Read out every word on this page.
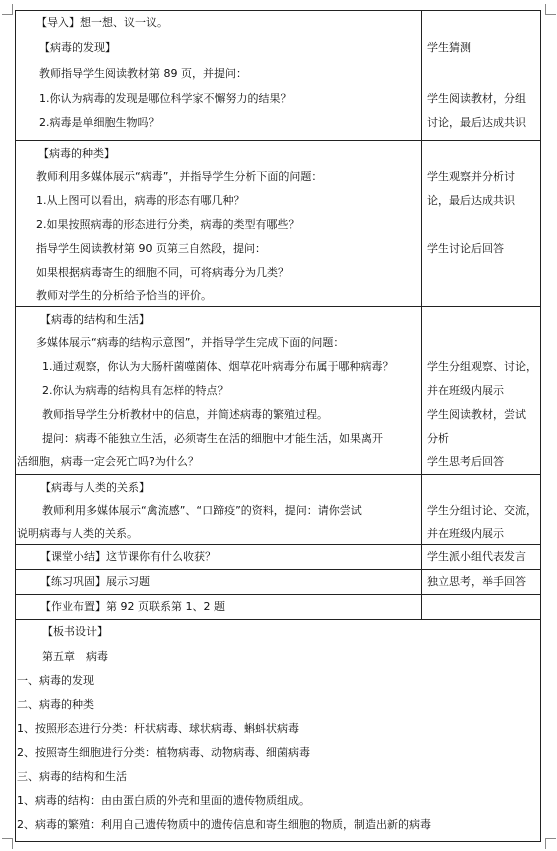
【导入】想一想、议一议。
【病毒的发现】
教师指导学生阅读教材第 89 页，并提问：
1.你认为病毒的发现是哪位科学家不懈努力的结果？
2.病毒是单细胞生物吗？
学生猜测
学生阅读教材，分组
讨论，最后达成共识
【病毒的种类】
教师利用多媒体展示“病毒”，并指导学生分析下面的问题：
1.从上图可以看出，病毒的形态有哪几种？
2.如果按照病毒的形态进行分类，病毒的类型有哪些？
指导学生阅读教材第 90 页第三自然段，提问：
如果根据病毒寄生的细胞不同，可将病毒分为几类？
教师对学生的分析给予恰当的评价。
学生观察并分析讨
论，最后达成共识
学生讨论后回答
【病毒的结构和生活】
多媒体展示“病毒的结构示意图”，并指导学生完成下面的问题：
1.通过观察，你认为大肠杆菌噬菌体、烟草花叶病毒分布属于哪种病毒？
2.你认为病毒的结构具有怎样的特点？
教师指导学生分析教材中的信息，并简述病毒的繁殖过程。
提问：病毒不能独立生活，必须寄生在活的细胞中才能生活，如果离开
活细胞，病毒一定会死亡吗?为什么？
学生分组观察、讨论，
并在班级内展示
学生阅读教材，尝试
分析
学生思考后回答
【病毒与人类的关系】
教师利用多媒体展示“禽流感”、“口蹄疫”的资料，提问：请你尝试
说明病毒与人类的关系。
学生分组讨论、交流，
并在班级内展示
【课堂小结】这节课你有什么收获？	学生派小组代表发言
【练习巩固】展示习题	独立思考，举手回答
【作业布置】第 92 页联系第 1、2 题
【板书设计】
第五章　病毒
一、病毒的发现
二、病毒的种类
1、按照形态进行分类：杆状病毒、球状病毒、蝌蚪状病毒
2、按照寄生细胞进行分类：植物病毒、动物病毒、细菌病毒
三、病毒的结构和生活
1、病毒的结构：由由蛋白质的外壳和里面的遗传物质组成。
2、病毒的繁殖：利用自己遗传物质中的遗传信息和寄生细胞的物质，制造出新的病毒
